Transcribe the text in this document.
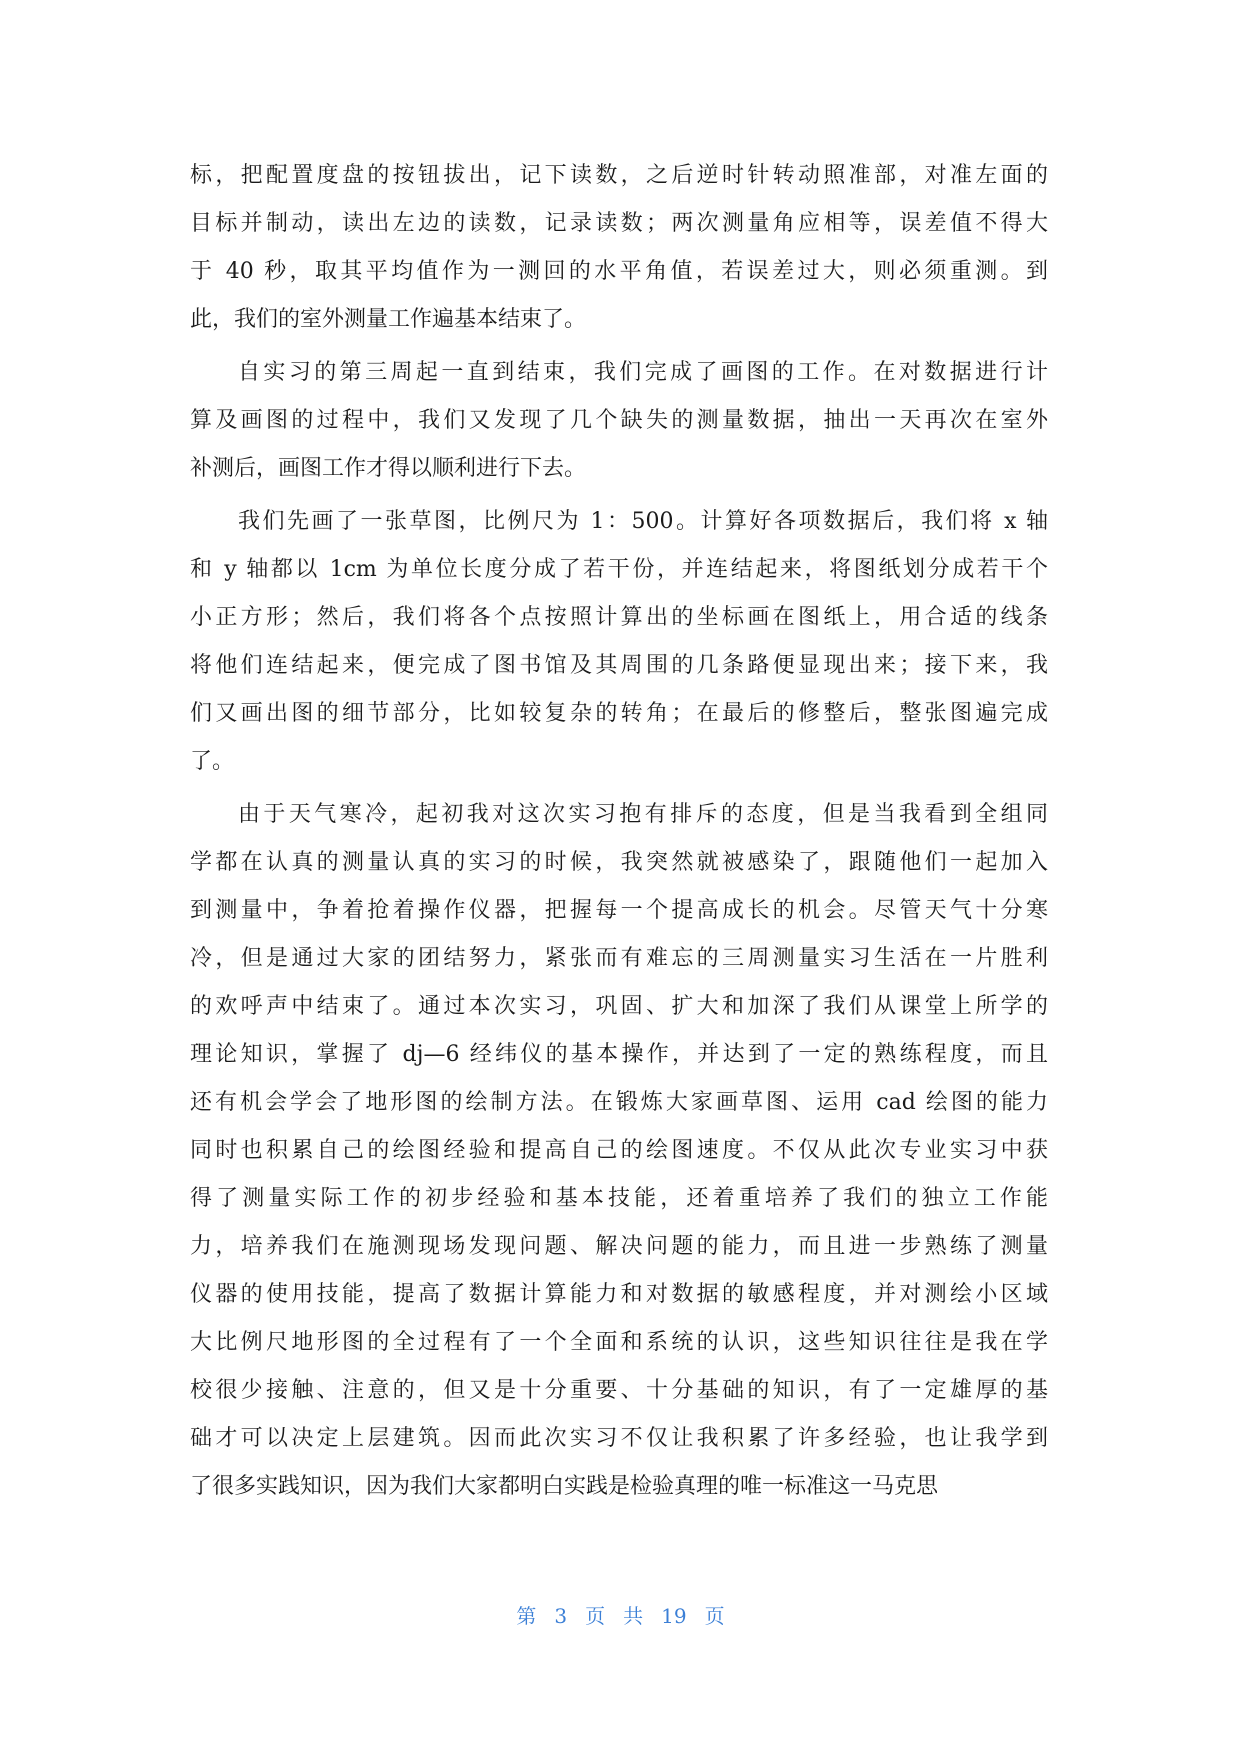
标，把配置度盘的按钮拔出，记下读数，之后逆时针转动照准部，对准左面的
目标并制动，读出左边的读数，记录读数；两次测量角应相等，误差值不得大
于 40 秒，取其平均值作为一测回的水平角值，若误差过大，则必须重测。到
此，我们的室外测量工作遍基本结束了。
自实习的第三周起一直到结束，我们完成了画图的工作。在对数据进行计
算及画图的过程中，我们又发现了几个缺失的测量数据，抽出一天再次在室外
补测后，画图工作才得以顺利进行下去。
我们先画了一张草图，比例尺为 1：500。计算好各项数据后，我们将 x 轴
和 y 轴都以 1cm 为单位长度分成了若干份，并连结起来，将图纸划分成若干个
小正方形；然后，我们将各个点按照计算出的坐标画在图纸上，用合适的线条
将他们连结起来，便完成了图书馆及其周围的几条路便显现出来；接下来，我
们又画出图的细节部分，比如较复杂的转角；在最后的修整后，整张图遍完成
了。
由于天气寒冷，起初我对这次实习抱有排斥的态度，但是当我看到全组同
学都在认真的测量认真的实习的时候，我突然就被感染了，跟随他们一起加入
到测量中，争着抢着操作仪器，把握每一个提高成长的机会。尽管天气十分寒
冷，但是通过大家的团结努力，紧张而有难忘的三周测量实习生活在一片胜利
的欢呼声中结束了。通过本次实习，巩固、扩大和加深了我们从课堂上所学的
理论知识，掌握了 dj—6 经纬仪的基本操作，并达到了一定的熟练程度，而且
还有机会学会了地形图的绘制方法。在锻炼大家画草图、运用 cad 绘图的能力
同时也积累自己的绘图经验和提高自己的绘图速度。不仅从此次专业实习中获
得了测量实际工作的初步经验和基本技能，还着重培养了我们的独立工作能
力，培养我们在施测现场发现问题、解决问题的能力，而且进一步熟练了测量
仪器的使用技能，提高了数据计算能力和对数据的敏感程度，并对测绘小区域
大比例尺地形图的全过程有了一个全面和系统的认识，这些知识往往是我在学
校很少接触、注意的，但又是十分重要、十分基础的知识，有了一定雄厚的基
础才可以决定上层建筑。因而此次实习不仅让我积累了许多经验，也让我学到
了很多实践知识，因为我们大家都明白实践是检验真理的唯一标准这一马克思
第 3 页 共 19 页
